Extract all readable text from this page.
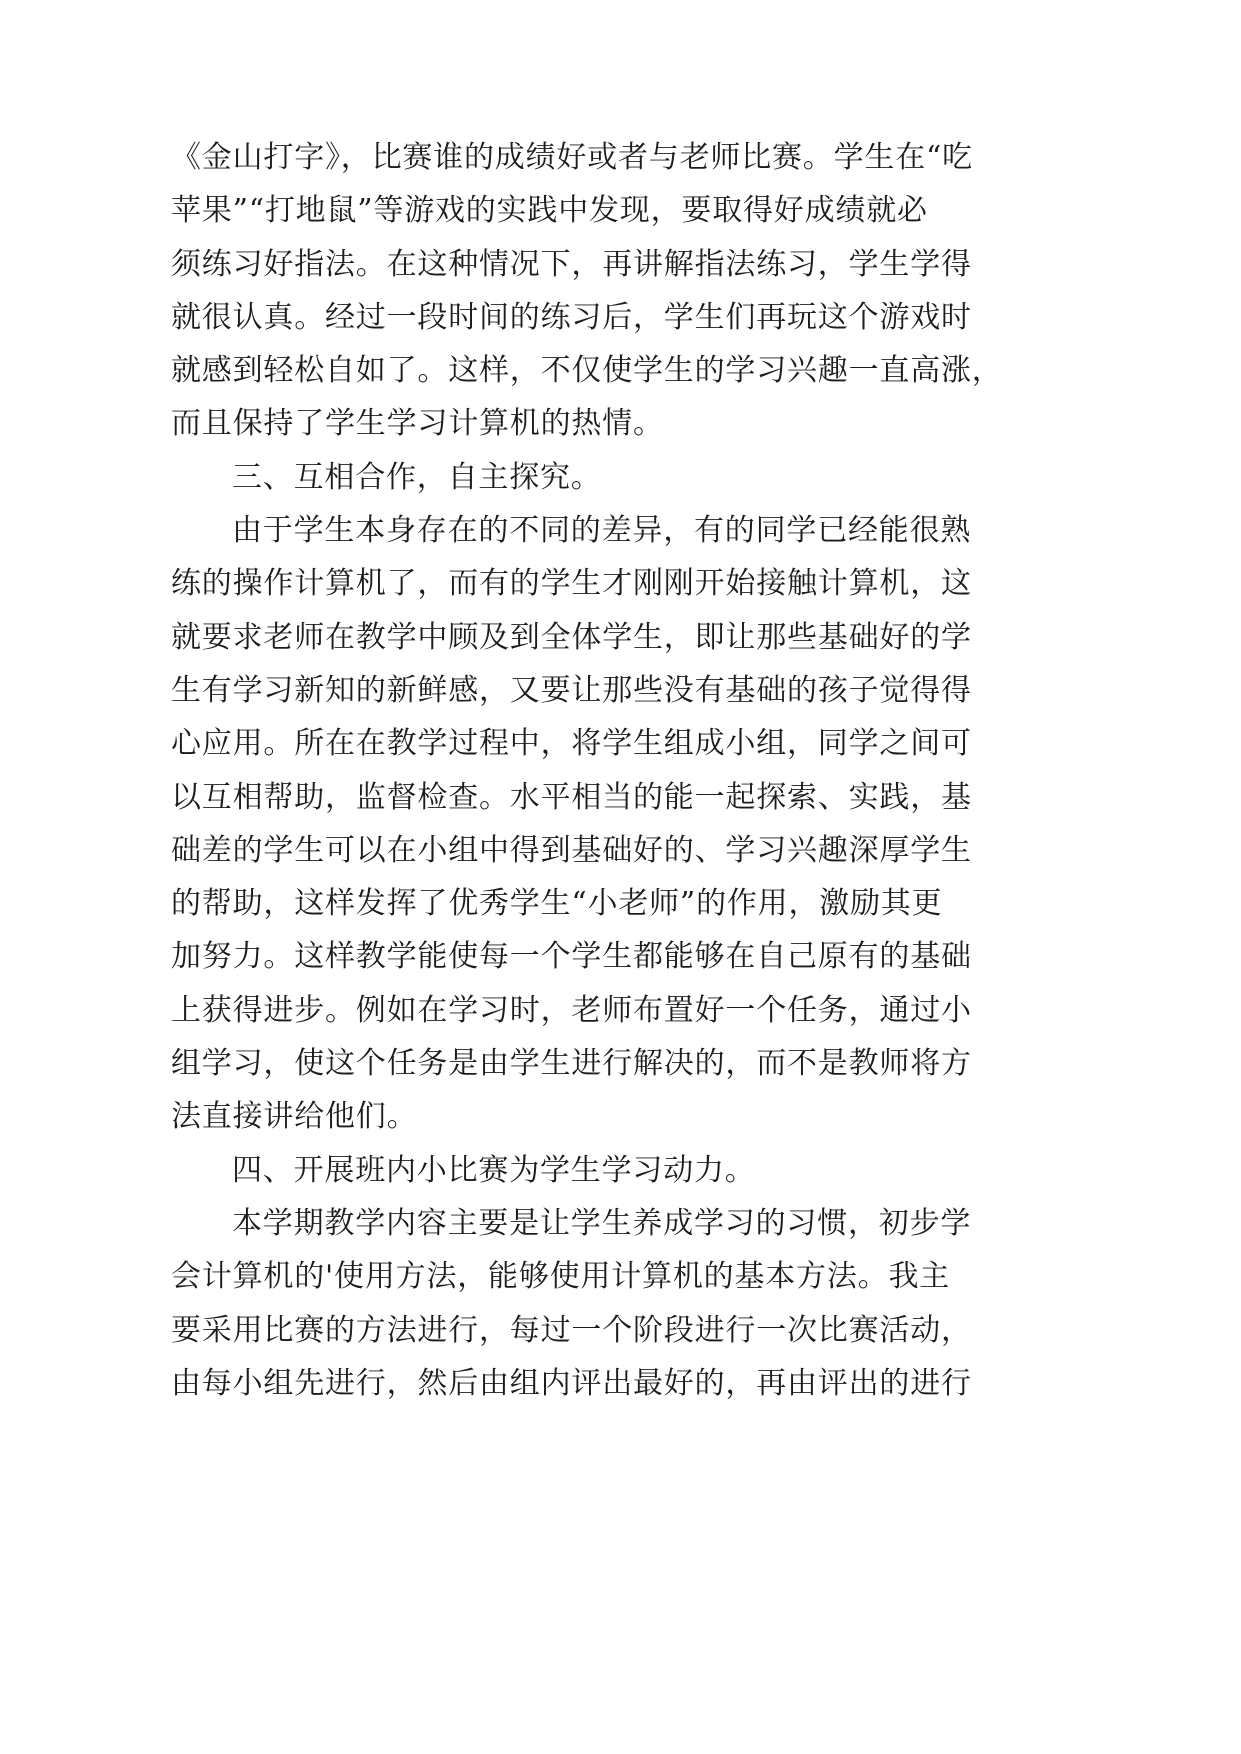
《金山打字》，比赛谁的成绩好或者与老师比赛。学生在“吃
苹果”“打地鼠”等游戏的实践中发现，要取得好成绩就必
须练习好指法。在这种情况下，再讲解指法练习，学生学得
就很认真。经过一段时间的练习后，学生们再玩这个游戏时
就感到轻松自如了。这样，不仅使学生的学习兴趣一直高涨，
而且保持了学生学习计算机的热情。
三、互相合作，自主探究。
由于学生本身存在的不同的差异，有的同学已经能很熟
练的操作计算机了，而有的学生才刚刚开始接触计算机，这
就要求老师在教学中顾及到全体学生，即让那些基础好的学
生有学习新知的新鲜感，又要让那些没有基础的孩子觉得得
心应用。所在在教学过程中，将学生组成小组，同学之间可
以互相帮助，监督检查。水平相当的能一起探索、实践，基
础差的学生可以在小组中得到基础好的、学习兴趣深厚学生
的帮助，这样发挥了优秀学生“小老师”的作用，激励其更
加努力。这样教学能使每一个学生都能够在自己原有的基础
上获得进步。例如在学习时，老师布置好一个任务，通过小
组学习，使这个任务是由学生进行解决的，而不是教师将方
法直接讲给他们。
四、开展班内小比赛为学生学习动力。
本学期教学内容主要是让学生养成学习的习惯，初步学
会计算机的'使用方法，能够使用计算机的基本方法。我主
要采用比赛的方法进行，每过一个阶段进行一次比赛活动，
由每小组先进行，然后由组内评出最好的，再由评出的进行
